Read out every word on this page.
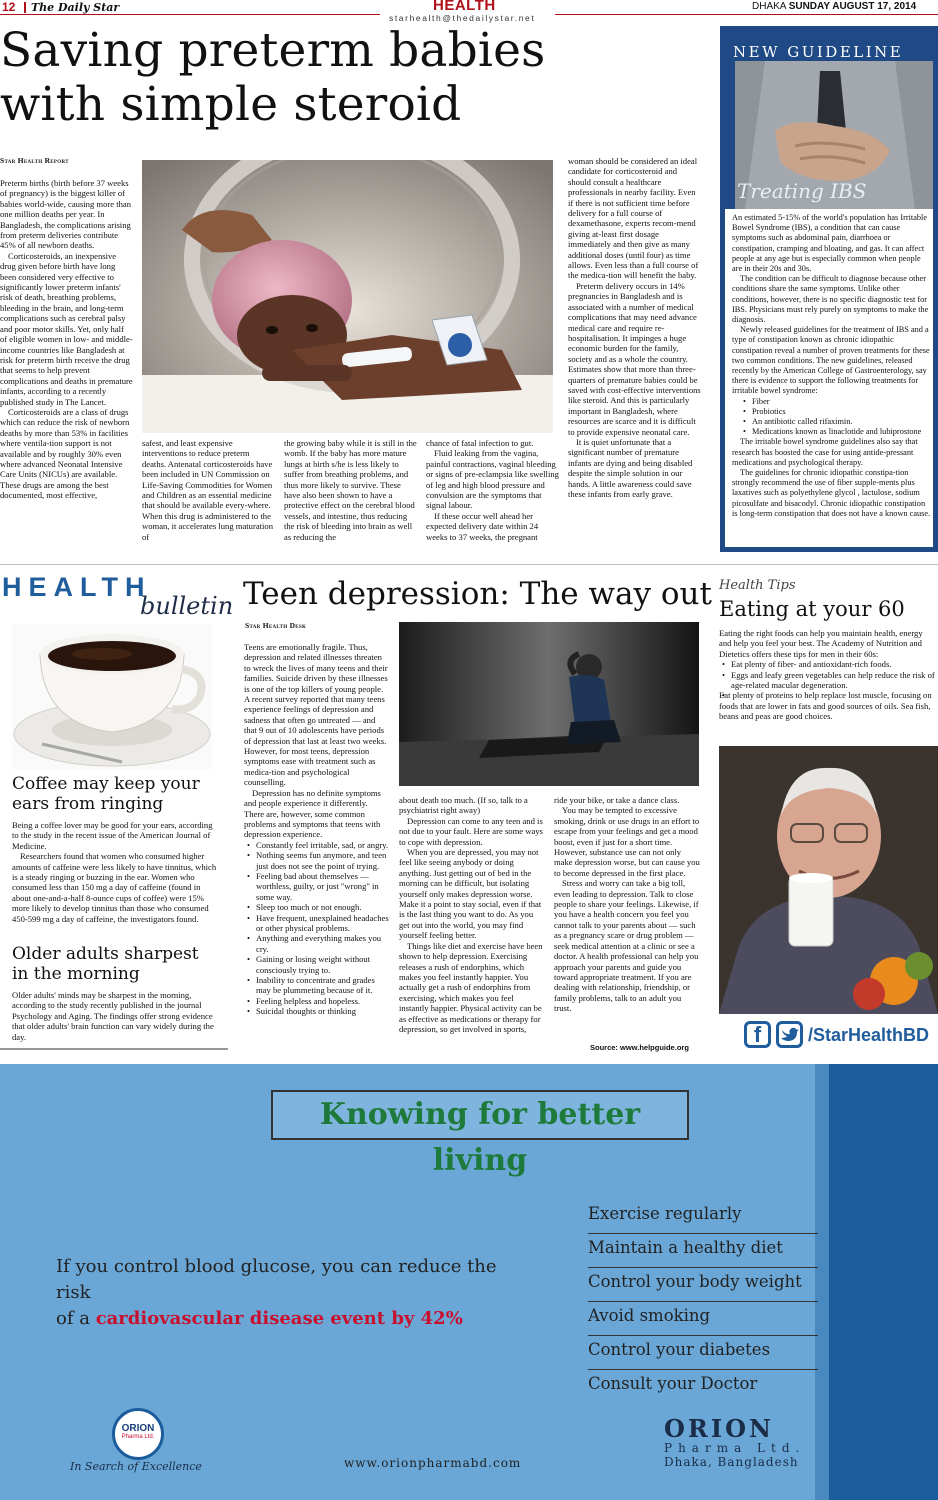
12 The Daily Star	HEALTH
starhealth@thedailystar.net
DHAKA SUNDAY AUGUST 17, 2014
Saving preterm babies
with simple steroid
Star Health Report

Preterm births (birth before 37 weeks of pregnancy) is the biggest killer of babies world-wide, causing more than one million deaths per year. In Bangladesh, the complications arising from preterm deliveries contribute 45% of all newborn deaths.

Corticosteroids, an inexpensive drug given before birth have long been considered very effective to significantly lower preterm infants' risk of death, breathing problems, bleeding in the brain, and long-term complications such as cerebral palsy and poor motor skills. Yet, only half of eligible women in low- and middle-income countries like Bangladesh at risk for preterm birth receive the drug that seems to help prevent complications and deaths in premature infants, according to a recently published study in The Lancet.

Corticosteroids are a class of drugs which can reduce the risk of newborn deaths by more than 53% in facilities where ventila-tion support is not available and by roughly 30% even where advanced Neonatal Intensive Care Units (NICUs) are available. These drugs are among the best documented, most effective,

safest, and least expensive interventions to reduce preterm deaths. Antenatal corticosteroids have been included in UN Commission on Life-Saving Commodities for Women and Children as an essential medicine that should be available every-where. When this drug is administered to the woman, it accelerates lung maturation of

the growing baby while it is still in the womb. If the baby has more mature lungs at birth s/he is less likely to suffer from breathing problems, and thus more likely to survive. These have also been shown to have a protective effect on the cerebral blood vessels, and intestine, thus reducing the risk of bleeding into brain as well as reducing the

chance of fatal infection to gut.

Fluid leaking from the vagina, painful contractions, vaginal bleeding or signs of pre-eclampsia like swelling of leg and high blood pressure and convulsion are the symptoms that signal labour.

If these occur well ahead her expected delivery date within 24 weeks to 37 weeks, the pregnant

woman should be considered an ideal candidate for corticosteroid and should consult a healthcare professionals in nearby facility. Even if there is not sufficient time before delivery for a full course of dexamethasone, experts recom-mend giving at-least first dosage immediately and then give as many additional doses (until four) as time allows. Even less than a full course of the medica-tion will benefit the baby.

Preterm delivery occurs in 14% pregnancies in Bangladesh and is associated with a number of medical complications that may need advance medical care and require re-hospitalisation. It impinges a huge economic burden for the family, society and as a whole the country. Estimates show that more than three-quarters of premature babies could be saved with cost-effective interventions like steroid. And this is particularly important in Bangladesh, where resources are scarce and it is difficult to provide expensive neonatal care.

It is quiet unfortunate that a significant number of premature infants are dying and being disabled despite the simple solution in our hands. A little awareness could save these infants from early grave.

NEW GUIDELINE
Treating IBS

An estimated 5-15% of the world's population has Irritable Bowel Syndrome (IBS), a condition that can cause symptoms such as abdominal pain, diarrhoea or constipation, cramping and bloating, and gas. It can affect people at any age but is especially common when people are in their 20s and 30s.

The condition can be difficult to diagnose because other conditions share the same symptoms. Unlike other conditions, however, there is no specific diagnostic test for IBS. Physicians must rely purely on symptoms to make the diagnosis.

Newly released guidelines for the treatment of IBS and a type of constipation known as chronic idiopathic constipation reveal a number of proven treatments for these two common conditions. The new guidelines, released recently by the American College of Gastroenterology, say there is evidence to support the following treatments for irritable bowel syndrome:

• Fiber
• Probiotics
• An antibiotic called rifaximin.
• Medications known as linaclotide and lubiprostone

The irritable bowel syndrome guidelines also say that research has boosted the case for using antide-pressant medications and psychological therapy.

The guidelines for chronic idiopathic constipa-tion strongly recommend the use of fiber supple-ments plus laxatives such as polyethylene glycol , lactulose, sodium picosulfate and bisacodyl. Chronic idiopathic constipation is long-term constipation that does not have a known cause.

HEALTH
bulletin
Coffee may keep your ears from ringing

Being a coffee lover may be good for your ears, according to the study in the recent issue of the American Journal of Medicine.

Researchers found that women who consumed higher amounts of caffeine were less likely to have tinnitus, which is a steady ringing or buzzing in the ear. Women who consumed less than 150 mg a day of caffeine (found in about one-and-a-half 8-ounce cups of coffee) were 15% more likely to develop tinnitus than those who consumed 450-599 mg a day of caffeine, the investigators found.

Older adults sharpest in the morning

Older adults' minds may be sharpest in the morning, according to the study recently published in the journal Psychology and Aging. The findings offer strong evidence that older adults' brain function can vary widely during the day.

Teen depression: The way out
Star Health Desk

Teens are emotionally fragile. Thus, depression and related illnesses threaten to wreck the lives of many teens and their families. Suicide driven by these illnesses is one of the top killers of young people. A recent survey reported that many teens experience feelings of depression and sadness that often go untreated — and that 9 out of 10 adolescents have periods of depression that last at least two weeks. However, for most teens, depression symptoms ease with treatment such as medica-tion and psychological counselling.

Depression has no definite symptoms and people experience it differently. There are, however, some common problems and symptoms that teens with depression experience.

• Constantly feel irritable, sad, or angry.
• Nothing seems fun anymore, and teen just does not see the point of trying.
• Feeling bad about themselves — worthless, guilty, or just "wrong" in some way.
• Sleep too much or not enough.
• Have frequent, unexplained headaches or other physical problems.
• Anything and everything makes you cry.
• Gaining or losing weight without consciously trying to.
• Inability to concentrate and grades may be plummeting because of it.
• Feeling helpless and hopeless.
• Suicidal thoughts or thinking

about death too much. (If so, talk to a psychiatrist right away)

Depression can come to any teen and is not due to your fault. Here are some ways to cope with depression.

When you are depressed, you may not feel like seeing anybody or doing anything. Just getting out of bed in the morning can be difficult, but isolating yourself only makes depression worse. Make it a point to stay social, even if that is the last thing you want to do. As you get out into the world, you may find yourself feeling better.

Things like diet and exercise have been shown to help depression. Exercising releases a rush of endorphins, which makes you feel instantly happier. You actually get a rush of endorphins from exercising, which makes you feel instantly happier. Physical activity can be as effective as medications or therapy for depression, so get involved in sports,

ride your bike, or take a dance class.

You may be tempted to excessive smoking, drink or use drugs in an effort to escape from your feelings and get a mood boost, even if just for a short time. However, substance use can not only make depression worse, but can cause you to become depressed in the first place.

Stress and worry can take a big toll, even leading to depression. Talk to close people to share your feelings. Likewise, if you have a health concern you feel you cannot talk to your parents about — such as a pregnancy scare or drug problem — seek medical attention at a clinic or see a doctor. A health professional can help you approach your parents and guide you toward appropriate treatment. If you are dealing with relationship, friendship, or family problems, talk to an adult you trust.

Source: www.helpguide.org
Health Tips
Eating at your 60

Eating the right foods can help you maintain health, energy and help you feel your best. The Academy of Nutrition and Dietetics offers these tips for men in their 60s:

• Eat plenty of fiber- and antioxidant-rich foods.
• Eggs and leafy green vegetables can help reduce the risk of age-related macular degeneration.
• Eat plenty of proteins to help replace lost muscle, focusing on foods that are lower in fats and good sources of oils. Sea fish, beans and peas are good choices.
f	/StarHealthBD
Knowing for better living
If you control blood glucose, you can reduce the risk
of a cardiovascular disease event by 42%
Exercise regularly
Maintain a healthy diet
Control your body weight
Avoid smoking
Control your diabetes
Consult your Doctor
ORION
Pharma Ltd.
In Search of Excellence	www.orionpharmabd.com
ORION
Pharma Ltd.
Dhaka, Bangladesh
